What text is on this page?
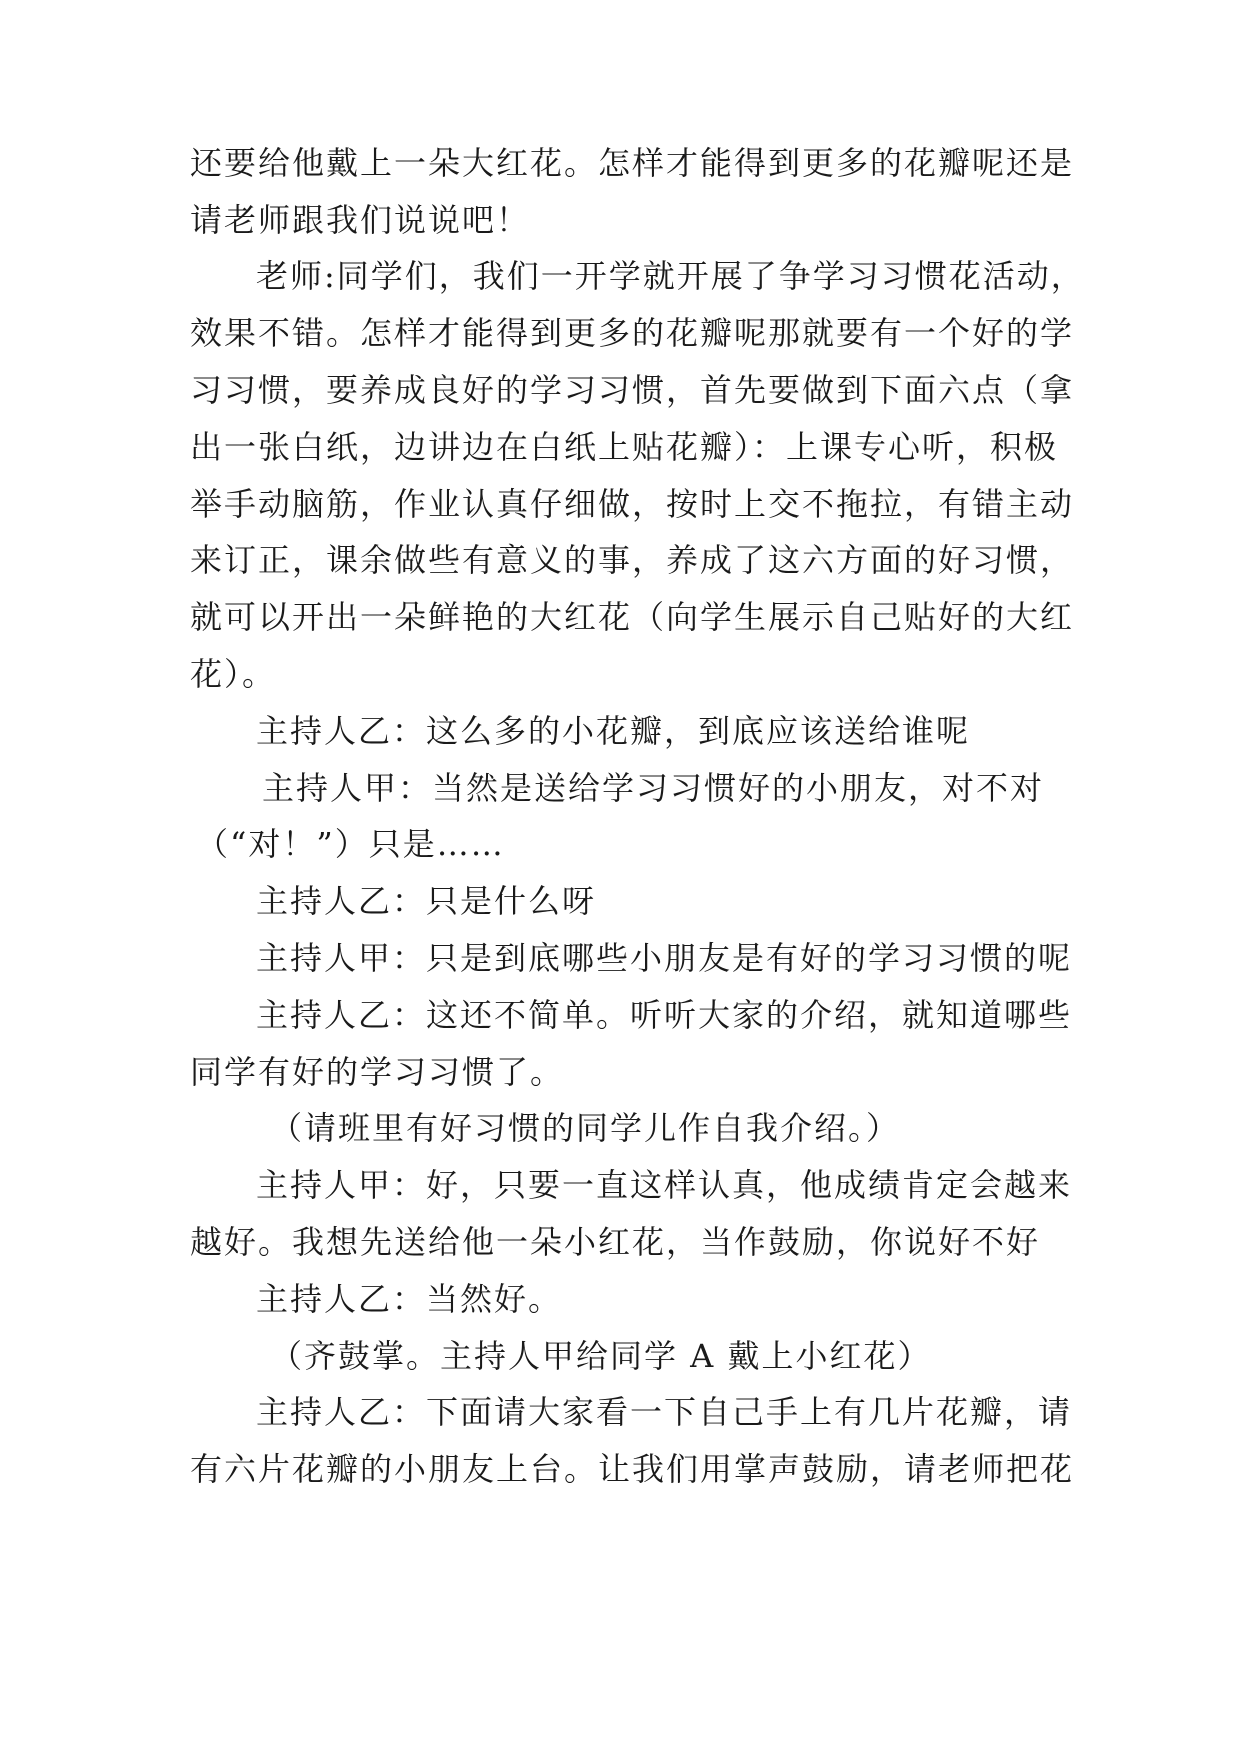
还要给他戴上一朵大红花。怎样才能得到更多的花瓣呢还是
请老师跟我们说说吧！
老师:同学们，我们一开学就开展了争学习习惯花活动，
效果不错。怎样才能得到更多的花瓣呢那就要有一个好的学
习习惯，要养成良好的学习习惯，首先要做到下面六点（拿
出一张白纸，边讲边在白纸上贴花瓣）：上课专心听，积极
举手动脑筋，作业认真仔细做，按时上交不拖拉，有错主动
来订正，课余做些有意义的事，养成了这六方面的好习惯，
就可以开出一朵鲜艳的大红花（向学生展示自己贴好的大红
花）。
主持人乙：这么多的小花瓣，到底应该送给谁呢
主持人甲：当然是送给学习习惯好的小朋友，对不对
（“对！”）只是……
主持人乙：只是什么呀
主持人甲：只是到底哪些小朋友是有好的学习习惯的呢
主持人乙：这还不简单。听听大家的介绍，就知道哪些
同学有好的学习习惯了。
（请班里有好习惯的同学儿作自我介绍。）
主持人甲：好，只要一直这样认真，他成绩肯定会越来
越好。我想先送给他一朵小红花，当作鼓励，你说好不好
主持人乙：当然好。
（齐鼓掌。主持人甲给同学 A 戴上小红花）
主持人乙：下面请大家看一下自己手上有几片花瓣，请
有六片花瓣的小朋友上台。让我们用掌声鼓励，请老师把花
